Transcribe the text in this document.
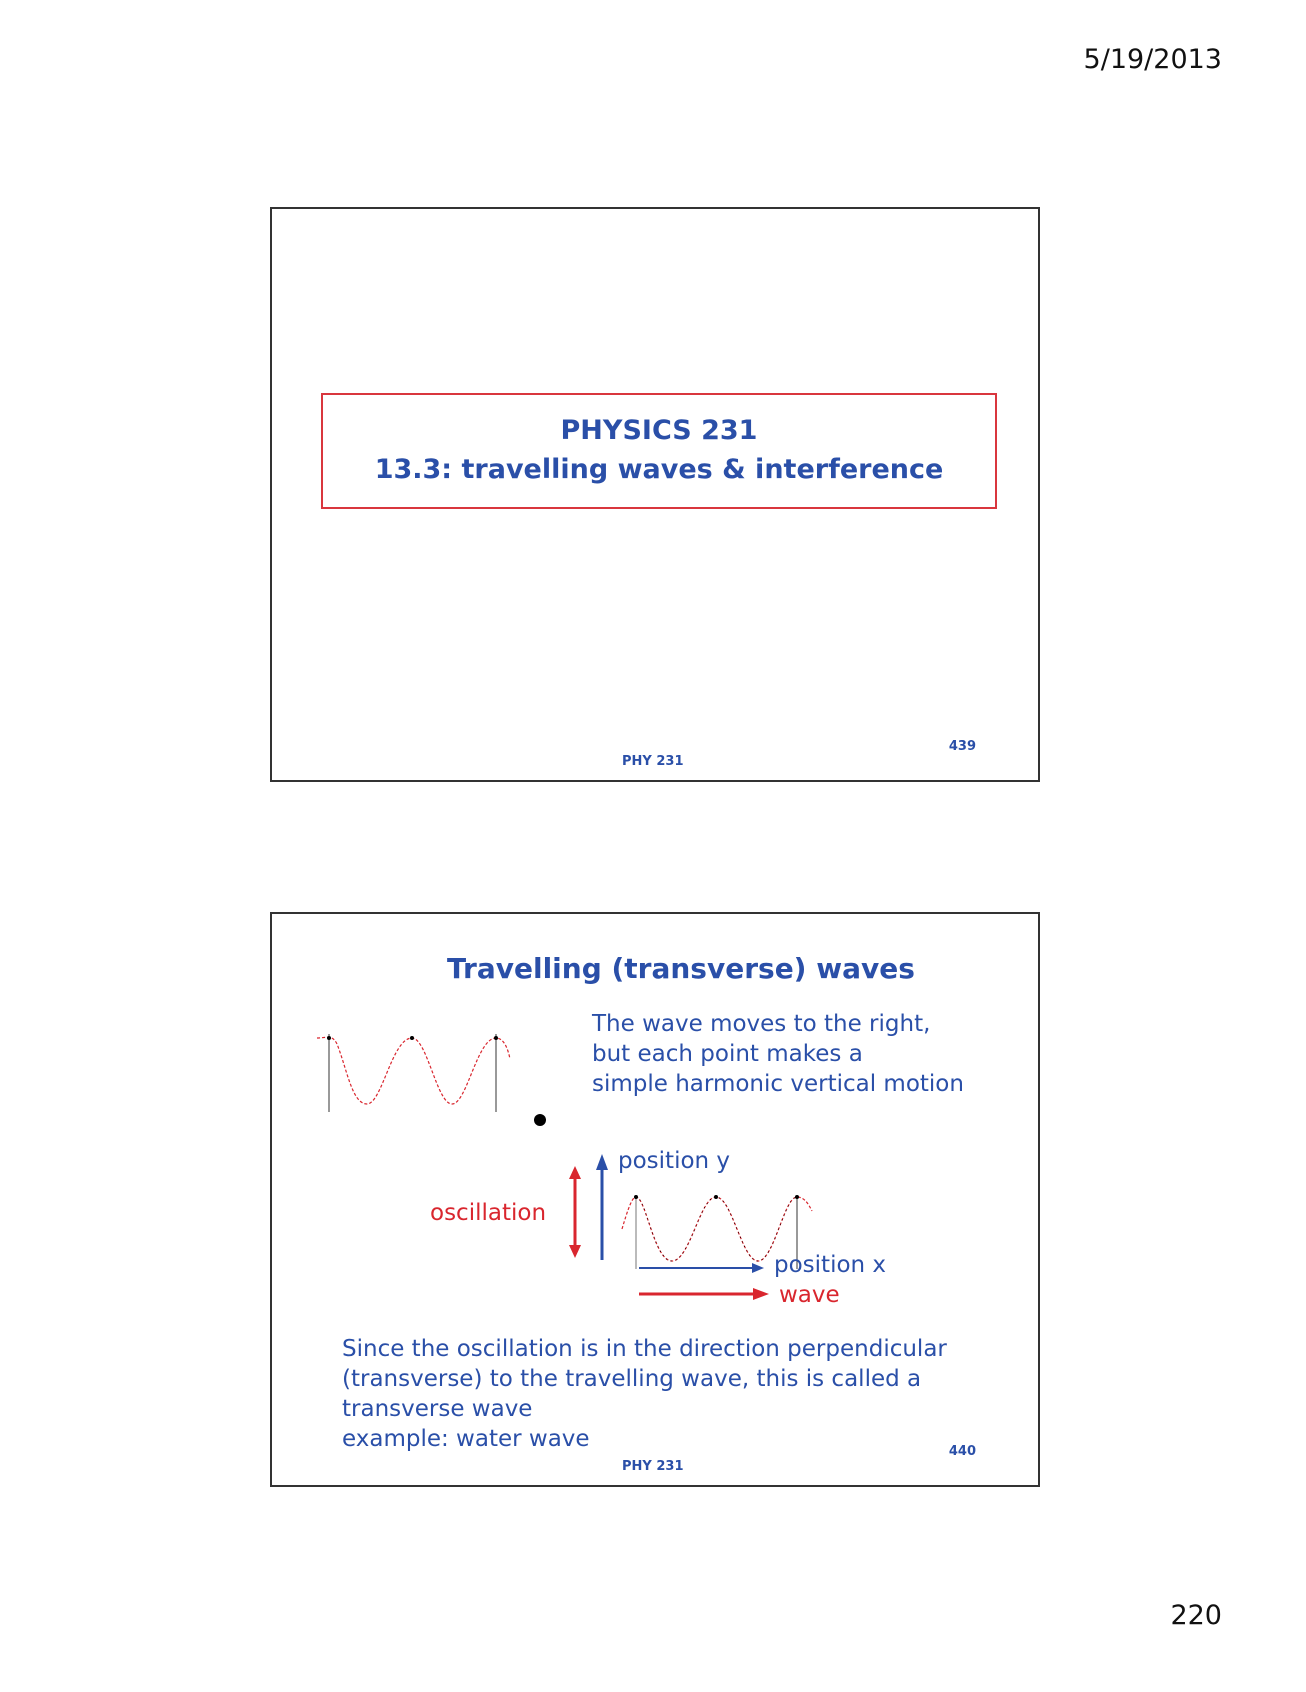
5/19/2013
PHYSICS 231
13.3: travelling waves & interference
PHY 231
439
Travelling (transverse) waves
The wave moves to the right,
but each point makes a
simple harmonic vertical motion
position y
oscillation
position x
wave
Since the oscillation is in the direction perpendicular
(transverse) to the travelling wave, this is called a
transverse wave
example: water wave
PHY 231
440
220
